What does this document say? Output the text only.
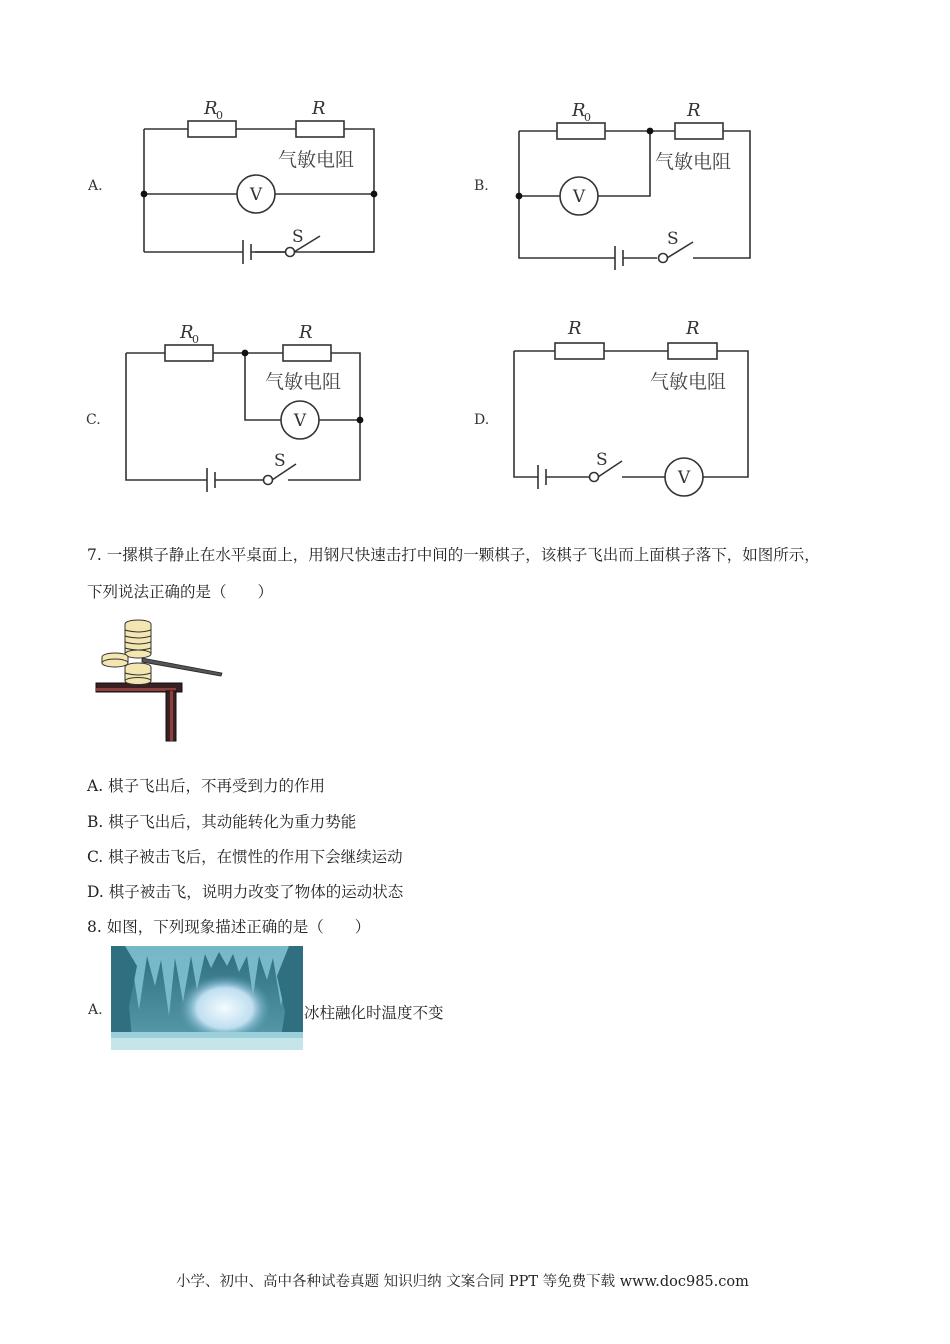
A.
R
0	R
气敏电阻
V
S
B.
R
0	R
气敏电阻
V
S
C.
R
0	R
气敏电阻
V
S
D.
R	R
气敏电阻
V
S
7. 一摞棋子静止在水平桌面上，用钢尺快速击打中间的一颗棋子，该棋子飞出而上面棋子落下，如图所示，
下列说法正确的是（　　）
A. 棋子飞出后，不再受到力的作用
B. 棋子飞出后，其动能转化为重力势能
C. 棋子被击飞后，在惯性的作用下会继续运动
D. 棋子被击飞，说明力改变了物体的运动状态
8. 如图，下列现象描述正确的是（　　）
A.	冰柱融化时温度不变
小学、初中、高中各种试卷真题 知识归纳 文案合同 PPT 等免费下载 www.doc985.com
